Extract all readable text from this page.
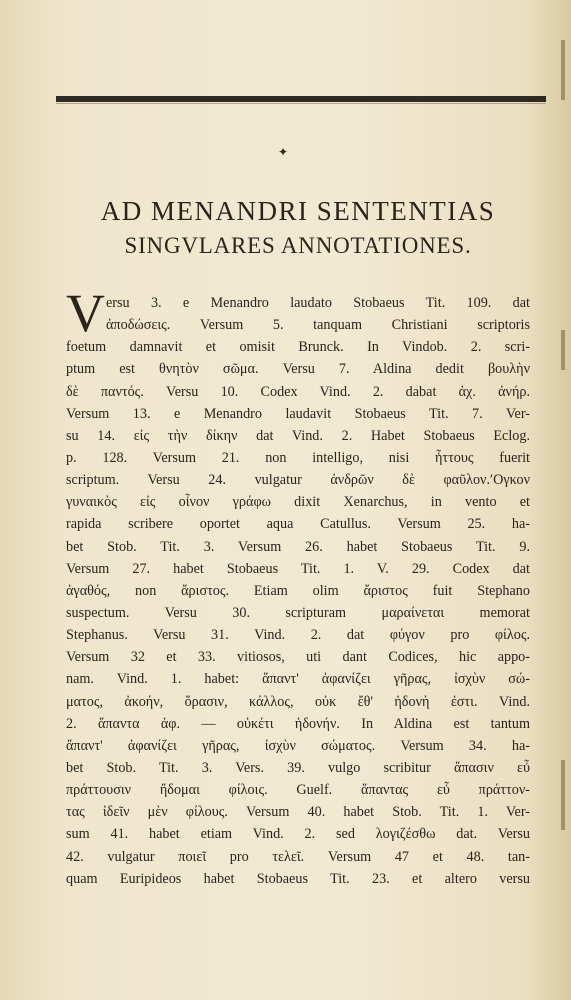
✦
AD MENANDRI SENTENTIAS
SINGVLARES ANNOTATIONES.
V ersu 3. e Menandro laudato Stobaeus Tit. 109. dat
ἀποδώσεις. Versum 5. tanquam Christiani scriptoris
foetum damnavit et omisit Brunck. In Vindob. 2. scri-
ptum est θνητὸν σῶμα. Versu 7. Aldina dedit βουλὴν
δὲ παντός. Versu 10. Codex Vind. 2. dabat ἀχ. ἀνήρ.
Versum 13. e Menandro laudavit Stobaeus Tit. 7. Ver-
su 14. εἰς τὴν δίκην dat Vind. 2. Habet Stobaeus Eclog.
p. 128. Versum 21. non intelligo, nisi ἧττους fuerit
scriptum. Versu 24. vulgatur ἀνδρῶν δὲ φαῦλον.ʹΟγκον
γυναικὸς εἰς οἶνον γράφω dixit Xenarchus, in vento et
rapida scribere oportet aqua Catullus. Versum 25. ha-
bet Stob. Tit. 3. Versum 26. habet Stobaeus Tit. 9.
Versum 27. habet Stobaeus Tit. 1. V. 29. Codex dat
ἀγαθός, non ἄριστος. Etiam olim ἄριστος fuit Stephano
suspectum. Versu 30. scripturam μαραίνεται memorat
Stephanus. Versu 31. Vind. 2. dat φύγον pro φίλος.
Versum 32 et 33. vitiosos, uti dant Codices, hic appo-
nam. Vind. 1. habet: ἅπαντ' ἀφανίζει γῆρας, ἰσχὺν σώ-
ματος, ἀκοήν, ὅρασιν, κάλλος, οὐκ ἔθ' ἡδονὴ ἐστι. Vind.
2. ἅπαντα ἀφ. — οὐκέτι ἡδονήν. In Aldina est tantum
ἅπαντ' ἀφανίζει γῆρας, ἰσχὺν σώματος. Versum 34. ha-
bet Stob. Tit. 3. Vers. 39. vulgo scribitur ἅπασιν εὖ
πράττουσιν ἥδομαι φίλοις. Guelf. ἅπαντας εὖ πράττον-
τας ἰδεῖν μὲν φίλους. Versum 40. habet Stob. Tit. 1. Ver-
sum 41. habet etiam Vind. 2. sed λογιζέσθω dat. Versu
42. vulgatur ποιεῖ pro τελεῖ. Versum 47 et 48. tan-
quam Euripideos habet Stobaeus Tit. 23. et altero versu
